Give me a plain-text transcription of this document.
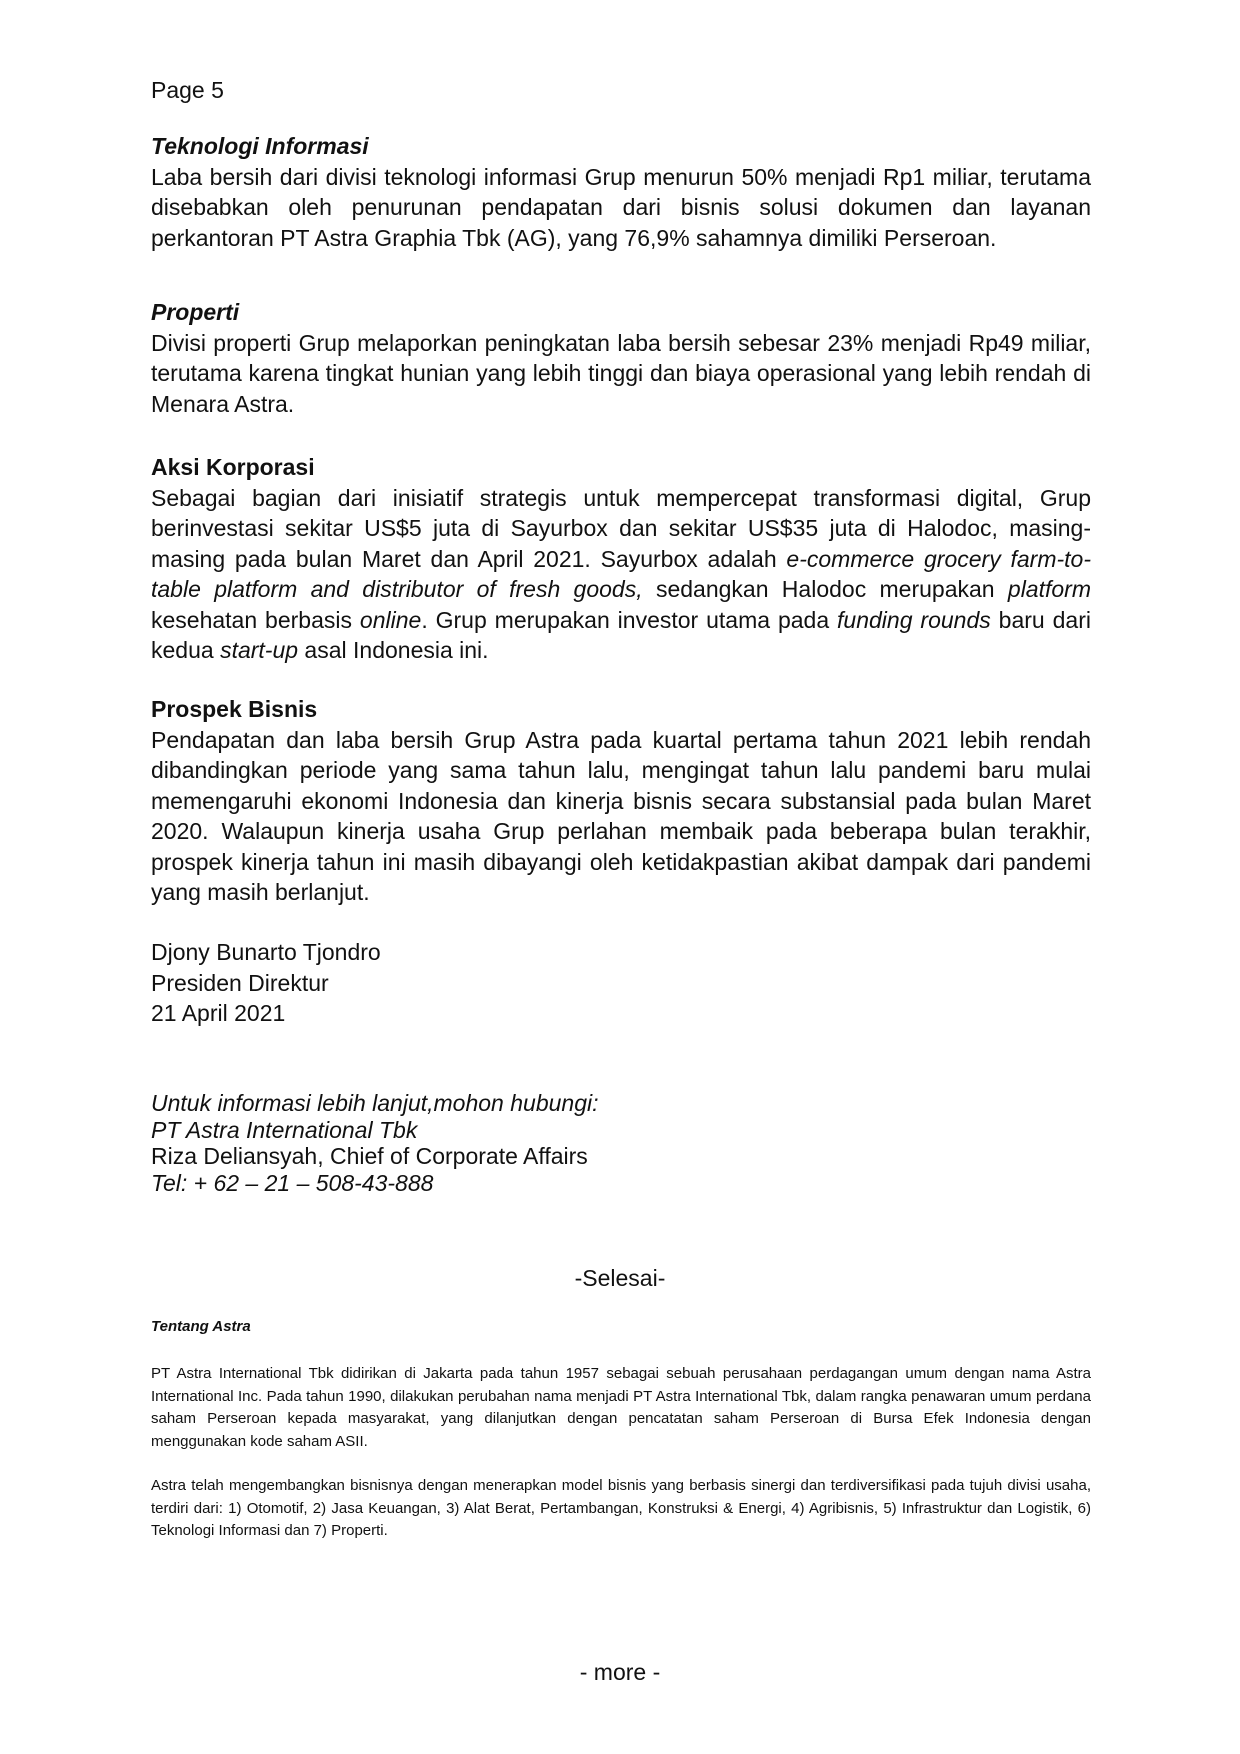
Page 5

Teknologi Informasi

Laba bersih dari divisi teknologi informasi Grup menurun 50% menjadi Rp1 miliar, terutama disebabkan oleh penurunan pendapatan dari bisnis solusi dokumen dan layanan perkantoran PT Astra Graphia Tbk (AG), yang 76,9% sahamnya dimiliki Perseroan.

Properti

Divisi properti Grup melaporkan peningkatan laba bersih sebesar 23% menjadi Rp49 miliar, terutama karena tingkat hunian yang lebih tinggi dan biaya operasional yang lebih rendah di Menara Astra.

Aksi Korporasi

Sebagai bagian dari inisiatif strategis untuk mempercepat transformasi digital, Grup berinvestasi sekitar US$5 juta di Sayurbox dan sekitar US$35 juta di Halodoc, masing-masing pada bulan Maret dan April 2021. Sayurbox adalah e-commerce grocery farm-to-table platform and distributor of fresh goods, sedangkan Halodoc merupakan platform kesehatan berbasis online. Grup merupakan investor utama pada funding rounds baru dari kedua start-up asal Indonesia ini.

Prospek Bisnis

Pendapatan dan laba bersih Grup Astra pada kuartal pertama tahun 2021 lebih rendah dibandingkan periode yang sama tahun lalu, mengingat tahun lalu pandemi baru mulai memengaruhi ekonomi Indonesia dan kinerja bisnis secara substansial pada bulan Maret 2020. Walaupun kinerja usaha Grup perlahan membaik pada beberapa bulan terakhir, prospek kinerja tahun ini masih dibayangi oleh ketidakpastian akibat dampak dari pandemi yang masih berlanjut.

Djony Bunarto Tjondro
Presiden Direktur
21 April 2021
Untuk informasi lebih lanjut,mohon hubungi:
PT Astra International Tbk
Riza Deliansyah, Chief of Corporate Affairs
Tel: + 62 – 21 – 508-43-888
-Selesai-
Tentang Astra

PT Astra International Tbk didirikan di Jakarta pada tahun 1957 sebagai sebuah perusahaan perdagangan umum dengan nama Astra International Inc. Pada tahun 1990, dilakukan perubahan nama menjadi PT Astra International Tbk, dalam rangka penawaran umum perdana saham Perseroan kepada masyarakat, yang dilanjutkan dengan pencatatan saham Perseroan di Bursa Efek Indonesia dengan menggunakan kode saham ASII.

Astra telah mengembangkan bisnisnya dengan menerapkan model bisnis yang berbasis sinergi dan terdiversifikasi pada tujuh divisi usaha, terdiri dari: 1) Otomotif, 2) Jasa Keuangan, 3) Alat Berat, Pertambangan, Konstruksi & Energi, 4) Agribisnis, 5) Infrastruktur dan Logistik, 6) Teknologi Informasi dan 7) Properti.

- more -
